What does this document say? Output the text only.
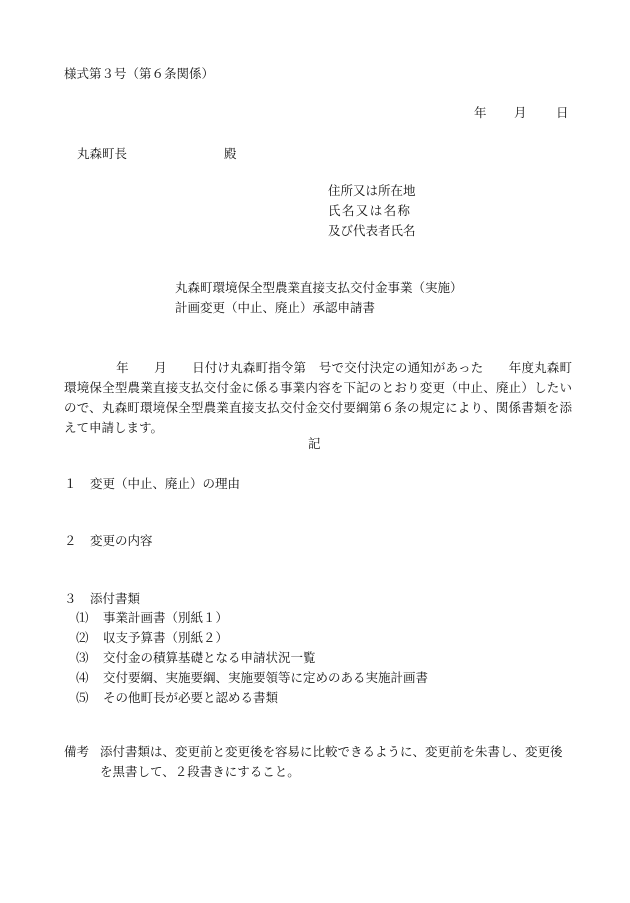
様式第３号（第６条関係）
年 月 日
丸森町長	殿
住所又は所在地
氏名又は名称
及び代表者氏名
丸森町環境保全型農業直接支払交付金事業（実施）
計画変更（中止、廃止）承認申請書
年　　月　　日付け丸森町指令第　号で交付決定の通知があった　　年度丸森町環境保全型農業直接支払交付金に係る事業内容を下記のとおり変更（中止、廃止）したいので、丸森町環境保全型農業直接支払交付金交付要綱第６条の規定により、関係書類を添えて申請します。
記
１ 変更（中止、廃止）の理由
２ 変更の内容
３ 添付書類
⑴ 事業計画書（別紙１）
⑵ 収支予算書（別紙２）
⑶ 交付金の積算基礎となる申請状況一覧
⑷ 交付要綱、実施要綱、実施要領等に定めのある実施計画書
⑸ その他町長が必要と認める書類
備考 添付書類は、変更前と変更後を容易に比較できるように、変更前を朱書し、変更後を黒書して、２段書きにすること。
